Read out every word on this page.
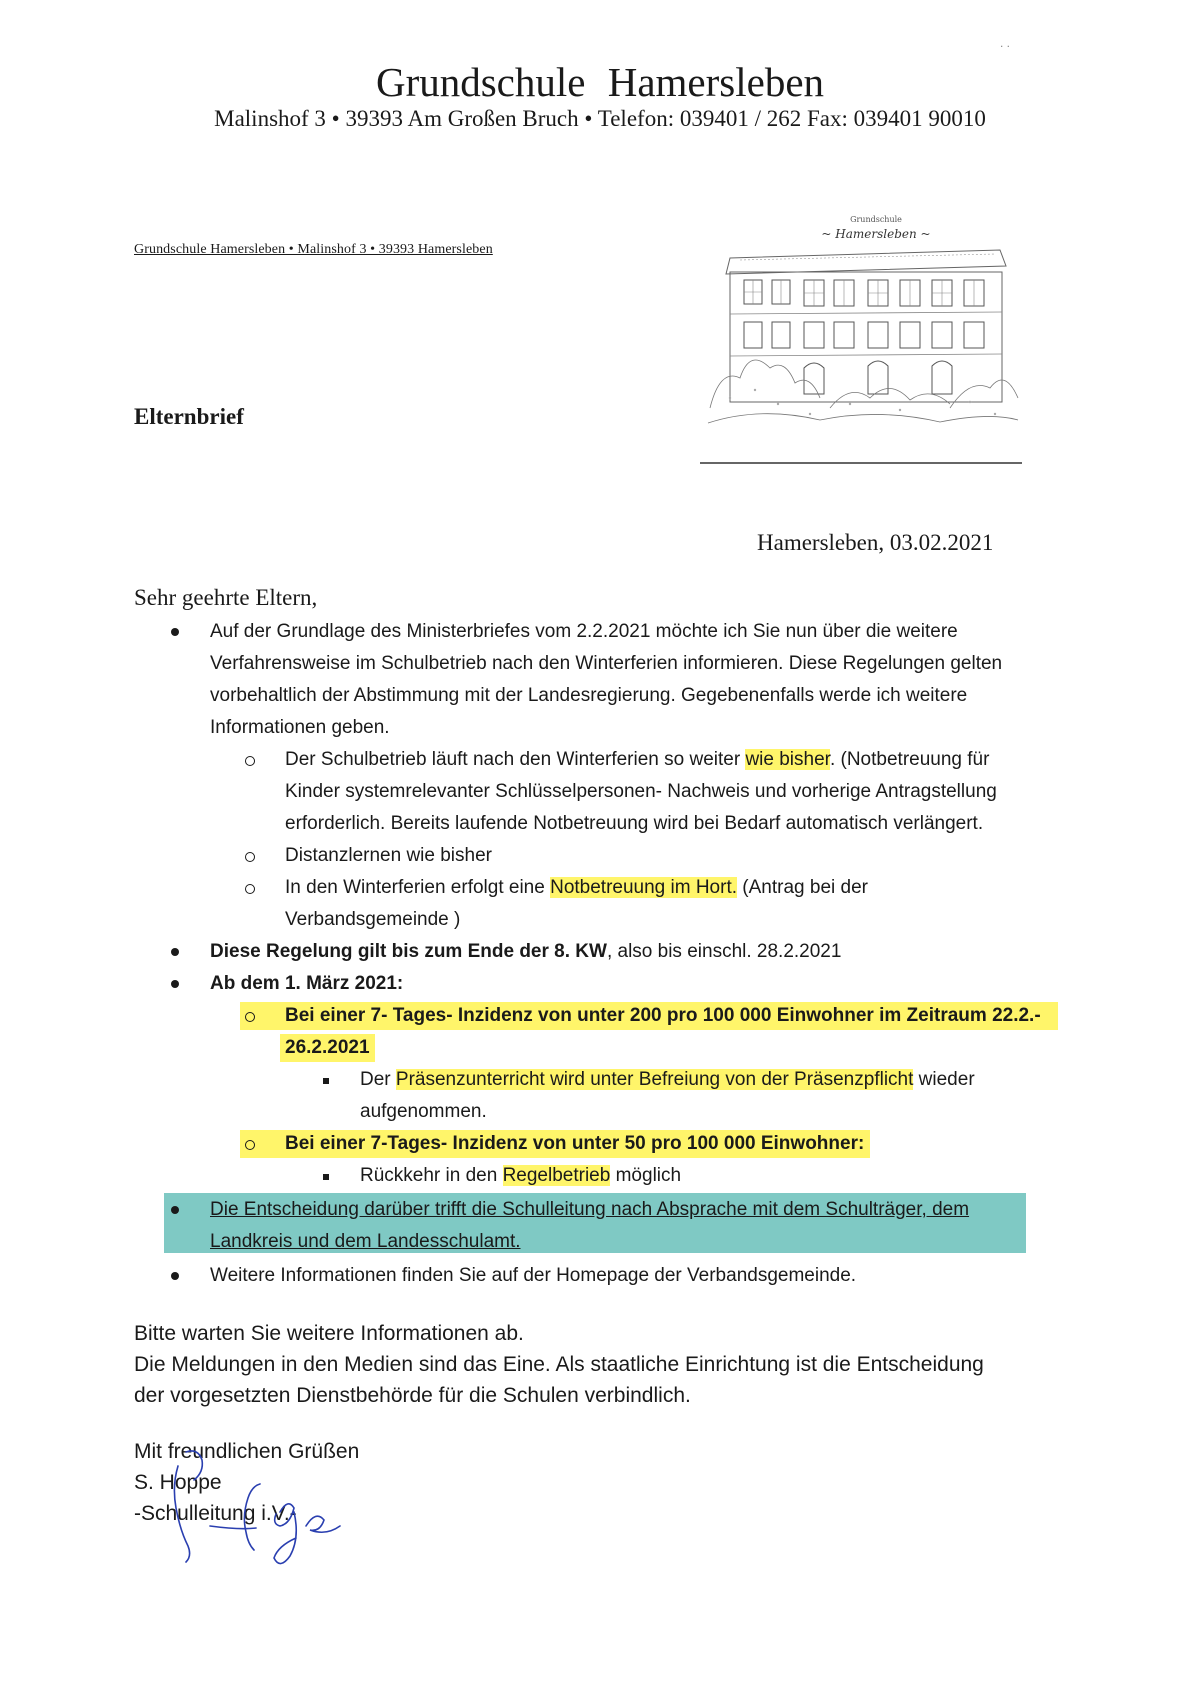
Grundschule Hamersleben
Malinshof 3 • 39393 Am Großen Bruch • Telefon: 039401 / 262 Fax: 039401 90010
Grundschule Hamersleben • Malinshof 3 • 39393 Hamersleben
Elternbrief
Grundschule
~ Hamersleben ~
Hamersleben, 03.02.2021
Sehr geehrte Eltern,
Auf der Grundlage des Ministerbriefes vom 2.2.2021 möchte ich Sie nun über die weitere
Verfahrensweise im Schulbetrieb nach den Winterferien informieren. Diese Regelungen gelten
vorbehaltlich der Abstimmung mit der Landesregierung. Gegebenenfalls werde ich weitere
Informationen geben.
Der Schulbetrieb läuft nach den Winterferien so weiter wie bisher. (Notbetreuung für
Kinder systemrelevanter Schlüsselpersonen- Nachweis und vorherige Antragstellung
erforderlich. Bereits laufende Notbetreuung wird bei Bedarf automatisch verlängert.
Distanzlernen wie bisher
In den Winterferien erfolgt eine Notbetreuung im Hort. (Antrag bei der
Verbandsgemeinde )
Diese Regelung gilt bis zum Ende der 8. KW, also bis einschl. 28.2.2021
Ab dem 1. März 2021:
Bei einer 7- Tages- Inzidenz von unter 200 pro 100 000 Einwohner im Zeitraum 22.2.-
26.2.2021
Der Präsenzunterricht wird unter Befreiung von der Präsenzpflicht wieder
aufgenommen.
Bei einer 7-Tages- Inzidenz von unter 50 pro 100 000 Einwohner:
Rückkehr in den Regelbetrieb möglich
Die Entscheidung darüber trifft die Schulleitung nach Absprache mit dem Schulträger, dem
Landkreis und dem Landesschulamt.
Weitere Informationen finden Sie auf der Homepage der Verbandsgemeinde.
Bitte warten Sie weitere Informationen ab.
Die Meldungen in den Medien sind das Eine. Als staatliche Einrichtung ist die Entscheidung
der vorgesetzten Dienstbehörde für die Schulen verbindlich.
Mit freundlichen Grüßen
S. Hoppe
-Schulleitung i.V.-
. .
